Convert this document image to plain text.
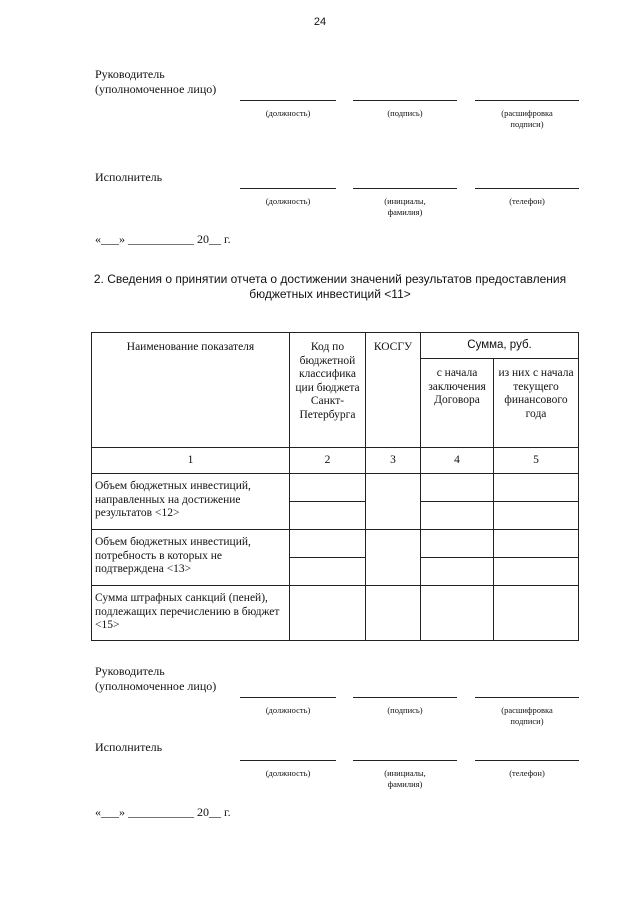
24
Руководитель
(уполномоченное лицо)
(должность)	(подпись)	(расшифровка подписи)
Исполнитель
(должность)	(инициалы, фамилия)
(телефон)
«___» ___________ 20__ г.
2. Сведения о принятии отчета о достижении значений результатов предоставления бюджетных инвестиций <11>
Наименование показателя	Код по бюджетной классифика ции бюджета Санкт-Петербурга	КОСГУ	Сумма, руб.	
			с начала заключения Договора	из них с начала текущего финансового года
1	2	3	4	5
Объем бюджетных инвестиций, направленных на достижение результатов <12>				

Объем бюджетных инвестиций, потребность в которых не подтверждена <13>				

Сумма штрафных санкций (пеней), подлежащих перечислению в бюджет <15>				
Руководитель
(уполномоченное лицо)
(должность)	(подпись)	(расшифровка подписи)
Исполнитель
(должность)	(инициалы, фамилия)
(телефон)
«___» ___________ 20__ г.
